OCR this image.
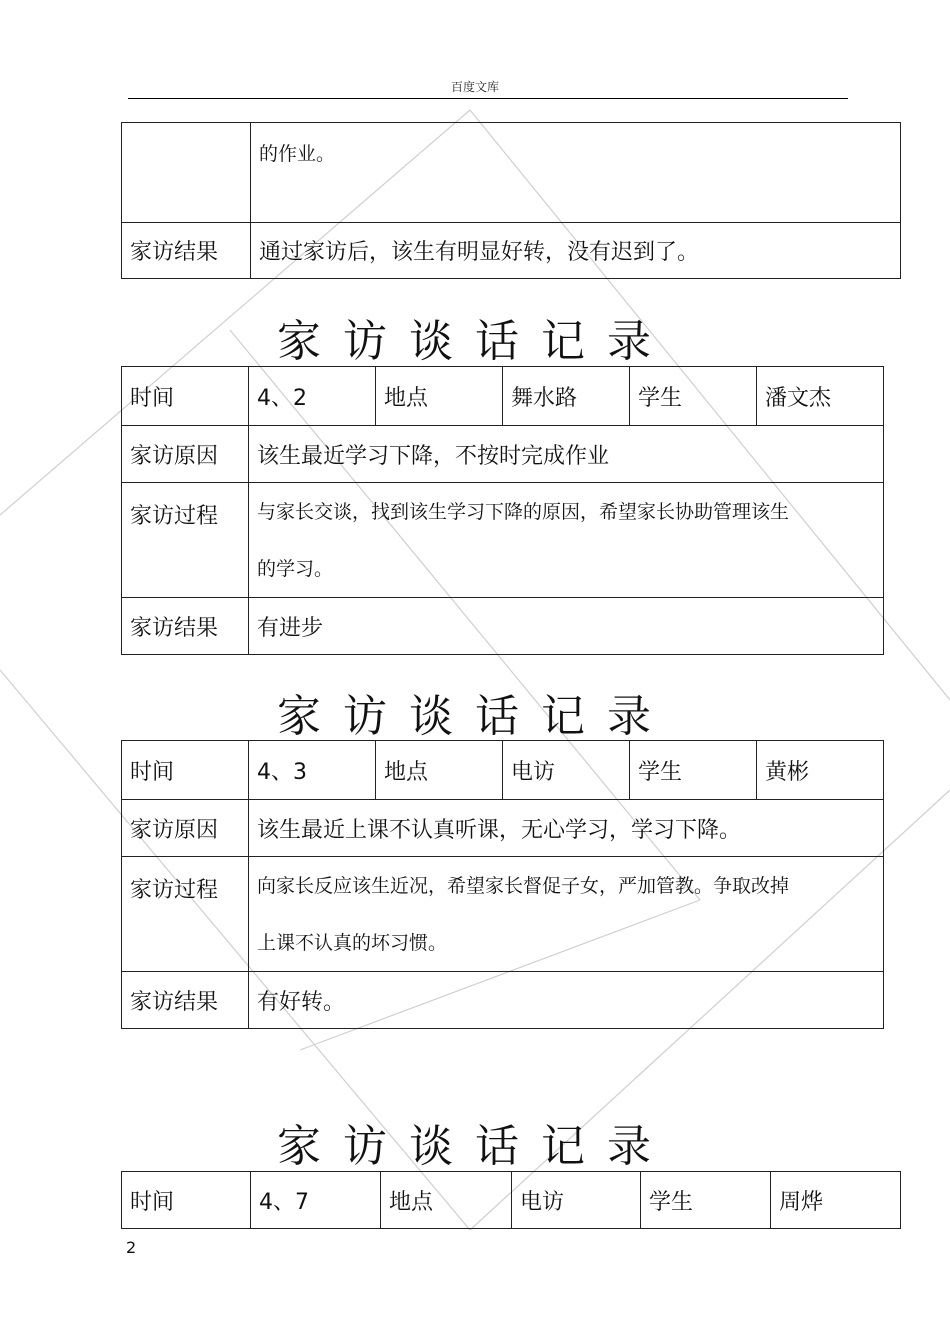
百度文库
	的作业。
家访结果	通过家访后，该生有明显好转，没有迟到了。
家访谈话记录
时间	4、2	地点	舞水路	学生	潘文杰
家访原因	该生最近学习下降，不按时完成作业				
家访过程	与家长交谈，找到该生学习下降的原因，希望家长协助管理该生
的学习。				

家访结果	有进步				
家访谈话记录
时间	4、3	地点	电访	学生	黄彬
家访原因	该生最近上课不认真听课，无心学习，学习下降。				
家访过程	向家长反应该生近况，希望家长督促子女，严加管教。争取改掉
上课不认真的坏习惯。				

家访结果	有好转。				
家访谈话记录
时间	4、7	地点	电访	学生	周烨
2
